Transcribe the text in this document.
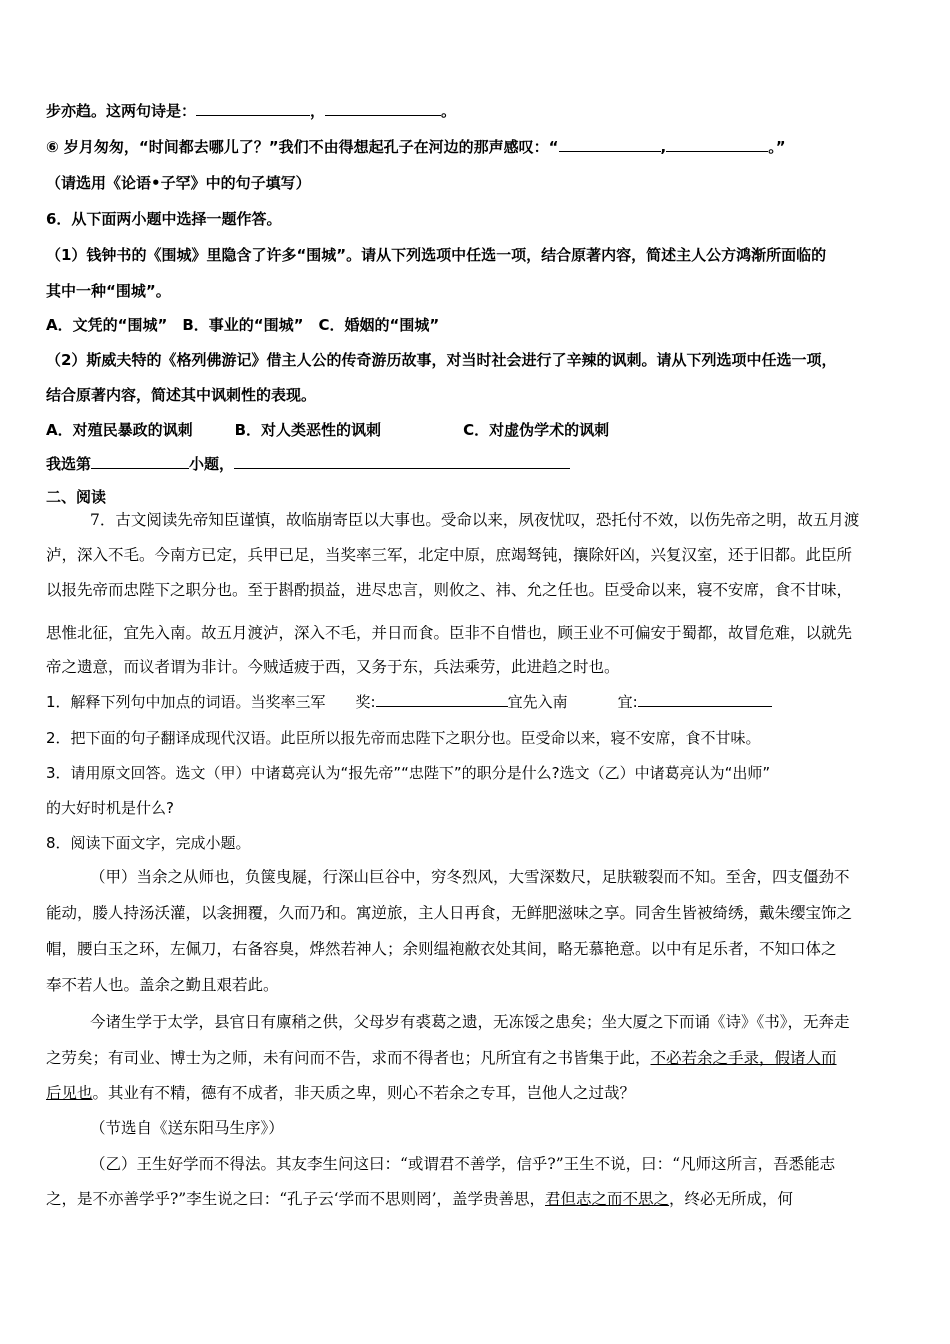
步亦趋。这两句诗是：	，	。
⑥ 岁月匆匆，“时间都去哪儿了？”我们不由得想起孔子在河边的那声感叹：“	,	。”
（请选用《论语•子罕》中的句子填写）
6．从下面两小题中选择一题作答。
（1）钱钟书的《围城》里隐含了许多“围城”。请从下列选项中任选一项，结合原著内容，简述主人公方鸿渐所面临的
其中一种“围城”。
A．文凭的“围城”　B．事业的“围城”　C．婚姻的“围城”
（2）斯威夫特的《格列佛游记》借主人公的传奇游历故事，对当时社会进行了辛辣的讽刺。请从下列选项中任选一项，
结合原著内容，简述其中讽刺性的表现。
A．对殖民暴政的讽刺	B．对人类恶性的讽刺	C．对虚伪学术的讽刺
我选第	小题，
二、阅读
7．古文阅读先帝知臣谨慎，故临崩寄臣以大事也。受命以来，夙夜忧叹，恐托付不效，以伤先帝之明，故五月渡
泸，深入不毛。今南方已定，兵甲已足，当奖率三军，北定中原，庶竭驽钝，攘除奸凶，兴复汉室，还于旧都。此臣所
以报先帝而忠陛下之职分也。至于斟酌损益，进尽忠言，则攸之、祎、允之任也。臣受命以来，寝不安席，食不甘味，
思惟北征，宜先入南。故五月渡泸，深入不毛，并日而食。臣非不自惜也，顾王业不可偏安于蜀都，故冒危难，以就先
帝之遗意，而议者谓为非计。今贼适疲于西，又务于东，兵法乘劳，此进趋之时也。
1．解释下列句中加点的词语。当奖率三军 奖:	宜先入南	宜:
2．把下面的句子翻译成现代汉语。此臣所以报先帝而忠陛下之职分也。臣受命以来，寝不安席，食不甘味。
3．请用原文回答。选文（甲）中诸葛亮认为“报先帝”“忠陛下”的职分是什么?选文（乙）中诸葛亮认为“出师”
的大好时机是什么?
8．阅读下面文字，完成小题。
（甲）当余之从师也，负箧曳屣，行深山巨谷中，穷冬烈风，大雪深数尺，足肤皲裂而不知。至舍，四支僵劲不
能动，媵人持汤沃灌，以衾拥覆，久而乃和。寓逆旅，主人日再食，无鲜肥滋味之享。同舍生皆被绮绣，戴朱缨宝饰之
帽，腰白玉之环，左佩刀，右备容臭，烨然若神人；余则缊袍敝衣处其间，略无慕艳意。以中有足乐者，不知口体之
奉不若人也。盖余之勤且艰若此。
今诸生学于太学，县官日有廪稍之供，父母岁有裘葛之遗，无冻馁之患矣；坐大厦之下而诵《诗》《书》，无奔走
之劳矣；有司业、博士为之师，未有问而不告，求而不得者也；凡所宜有之书皆集于此，不必若余之手录，假诸人而
后见也。其业有不精，德有不成者，非天质之卑，则心不若余之专耳，岂他人之过哉？
（节选自《送东阳马生序》）
（乙）王生好学而不得法。其友李生问这曰：“或谓君不善学，信乎?”王生不说，曰：“凡师这所言，吾悉能志
之，是不亦善学乎?”李生说之曰：“孔子云‘学而不思则罔’，盖学贵善思，君但志之而不思之，终必无所成，何
